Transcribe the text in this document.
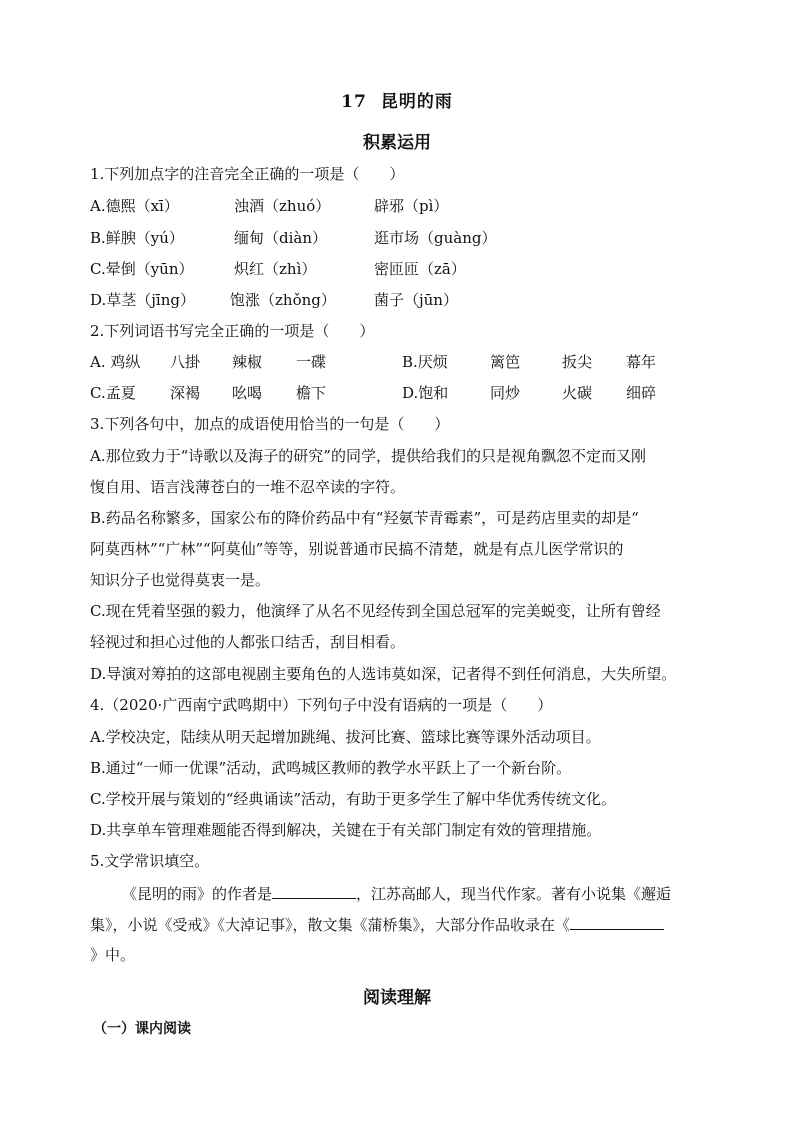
17 昆明的雨
积累运用
1.下列加点字的注音完全正确的一项是（　　）
A.德熙（xī）	浊酒（zhuó）	辟邪（pì）
B.鲜腴（yú）	缅甸（diàn）	逛市场（guàng）
C.晕倒（yūn）	炽红（zhì）	密匝匝（zā）
D.草茎（jīng） 饱涨（zhǒng）	菌子（jūn）
2.下列词语书写完全正确的一项是（　　）
A. 鸡纵 八掛 辣椒 一碟	B.厌烦	篱笆	扳尖 幕年
C.孟夏 深褐 吆喝 檐下	D.饱和	同炒	火碳 细碎
3.下列各句中，加点的成语使用恰当的一句是（　　）
A.那位致力于“诗歌以及海子的研究”的同学，提供给我们的只是视角飘忽不定而又刚
愎自用、语言浅薄苍白的一堆不忍卒读的字符。
B.药品名称繁多，国家公布的降价药品中有“羟氨苄青霉素”，可是药店里卖的却是“
阿莫西林”“广林”“阿莫仙”等等，别说普通市民搞不清楚，就是有点儿医学常识的
知识分子也觉得莫衷一是。
C.现在凭着坚强的毅力，他演绎了从名不见经传到全国总冠军的完美蜕变，让所有曾经
轻视过和担心过他的人都张口结舌，刮目相看。
D.导演对筹拍的这部电视剧主要角色的人选讳莫如深，记者得不到任何消息，大失所望。
4.（2020·广西南宁武鸣期中）下列句子中没有语病的一项是（　　）
A.学校决定，陆续从明天起增加跳绳、拔河比赛、篮球比赛等课外活动项目。
B.通过“一师一优课”活动，武鸣城区教师的教学水平跃上了一个新台阶。
C.学校开展与策划的“经典诵读”活动，有助于更多学生了解中华优秀传统文化。
D.共享单车管理难题能否得到解决，关键在于有关部门制定有效的管理措施。
5.文学常识填空。
《昆明的雨》的作者是	，江苏高邮人，现当代作家。著有小说集《邂逅
集》，小说《受戒》《大淖记事》，散文集《蒲桥集》，大部分作品收录在《
》中。
阅读理解
（一）课内阅读
